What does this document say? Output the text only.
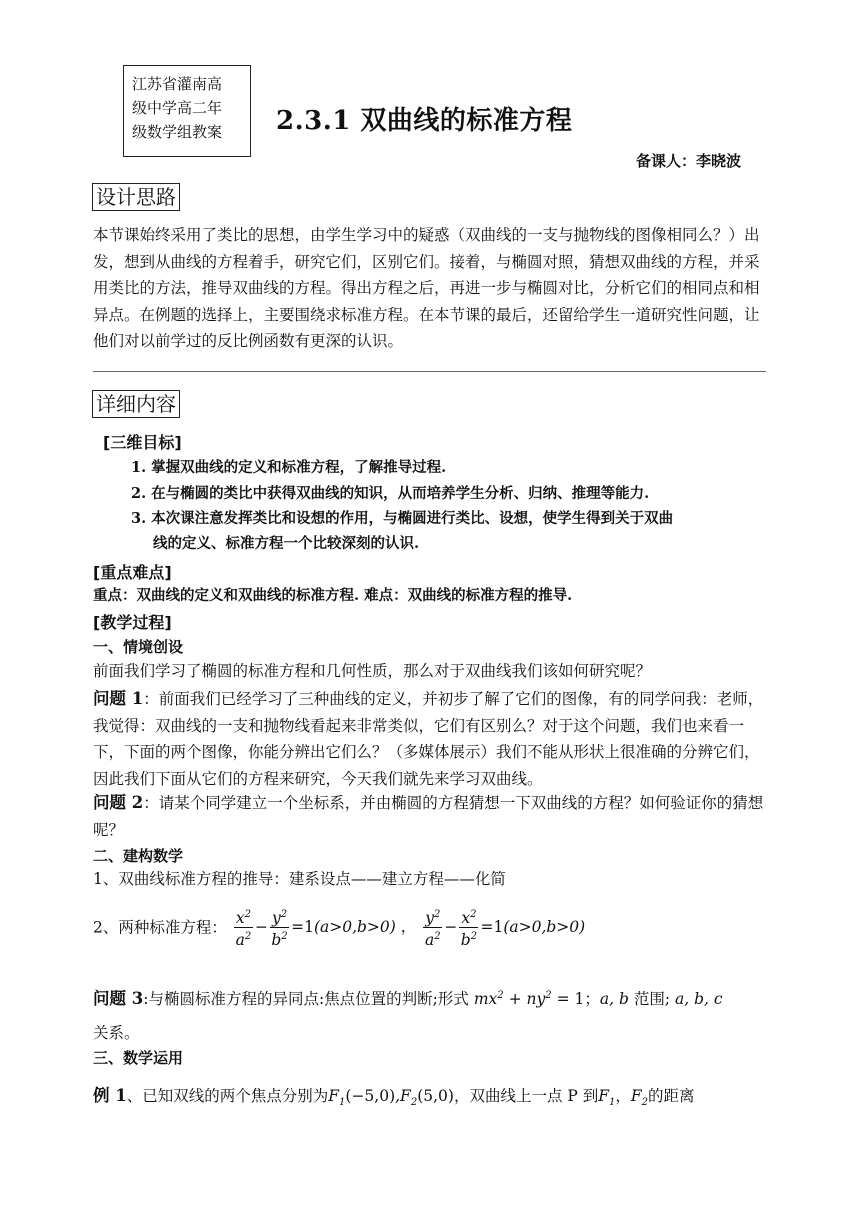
江苏省灌南高
级中学高二年
级数学组教案	2.3.1 双曲线的标准方程
备课人：李晓波
设计思路
本节课始终采用了类比的思想，由学生学习中的疑惑（双曲线的一支与抛物线的图像相同么？）出发，想到从曲线的方程着手，研究它们，区别它们。接着，与椭圆对照，猜想双曲线的方程，并采用类比的方法，推导双曲线的方程。得出方程之后，再进一步与椭圆对比，分析它们的相同点和相异点。在例题的选择上，主要围绕求标准方程。在本节课的最后，还留给学生一道研究性问题，让他们对以前学过的反比例函数有更深的认识。
详细内容
[三维目标]
1. 掌握双曲线的定义和标准方程，了解推导过程.
2. 在与椭圆的类比中获得双曲线的知识，从而培养学生分析、归纳、推理等能力.
3. 本次课注意发挥类比和设想的作用，与椭圆进行类比、设想，使学生得到关于双曲
线的定义、标准方程一个比较深刻的认识.
[重点难点]
重点：双曲线的定义和双曲线的标准方程. 难点：双曲线的标准方程的推导.
[教学过程]
一、情境创设
前面我们学习了椭圆的标准方程和几何性质，那么对于双曲线我们该如何研究呢？
问题 1：前面我们已经学习了三种曲线的定义，并初步了解了它们的图像，有的同学问我：老师，我觉得：双曲线的一支和抛物线看起来非常类似，它们有区别么？对于这个问题，我们也来看一下，下面的两个图像，你能分辨出它们么？（多媒体展示）我们不能从形状上很准确的分辨它们，因此我们下面从它们的方程来研究，今天我们就先来学习双曲线。
问题 2：请某个同学建立一个坐标系，并由椭圆的方程猜想一下双曲线的方程？如何验证你的猜想呢？
二、建构数学
1、双曲线标准方程的推导：建系设点——建立方程——化简
2、两种标准方程： $\frac{x^2}{a^2} - \frac{y^2}{b^2} =1(a>0,b>0)$ ， $\frac{y^2}{a^2} - \frac{x^2}{b^2} =1(a>0,b>0)$
问题 3:与椭圆标准方程的异同点:焦点位置的判断;形式 $mx^2 + ny^2 = 1$；a, b 范围; a, b, c
关系。
三、数学运用
例 1、已知双线的两个焦点分别为$F_1(-5,0),F_2(5,0)$，双曲线上一点 P 到$F_1$，$F_2$的距离
